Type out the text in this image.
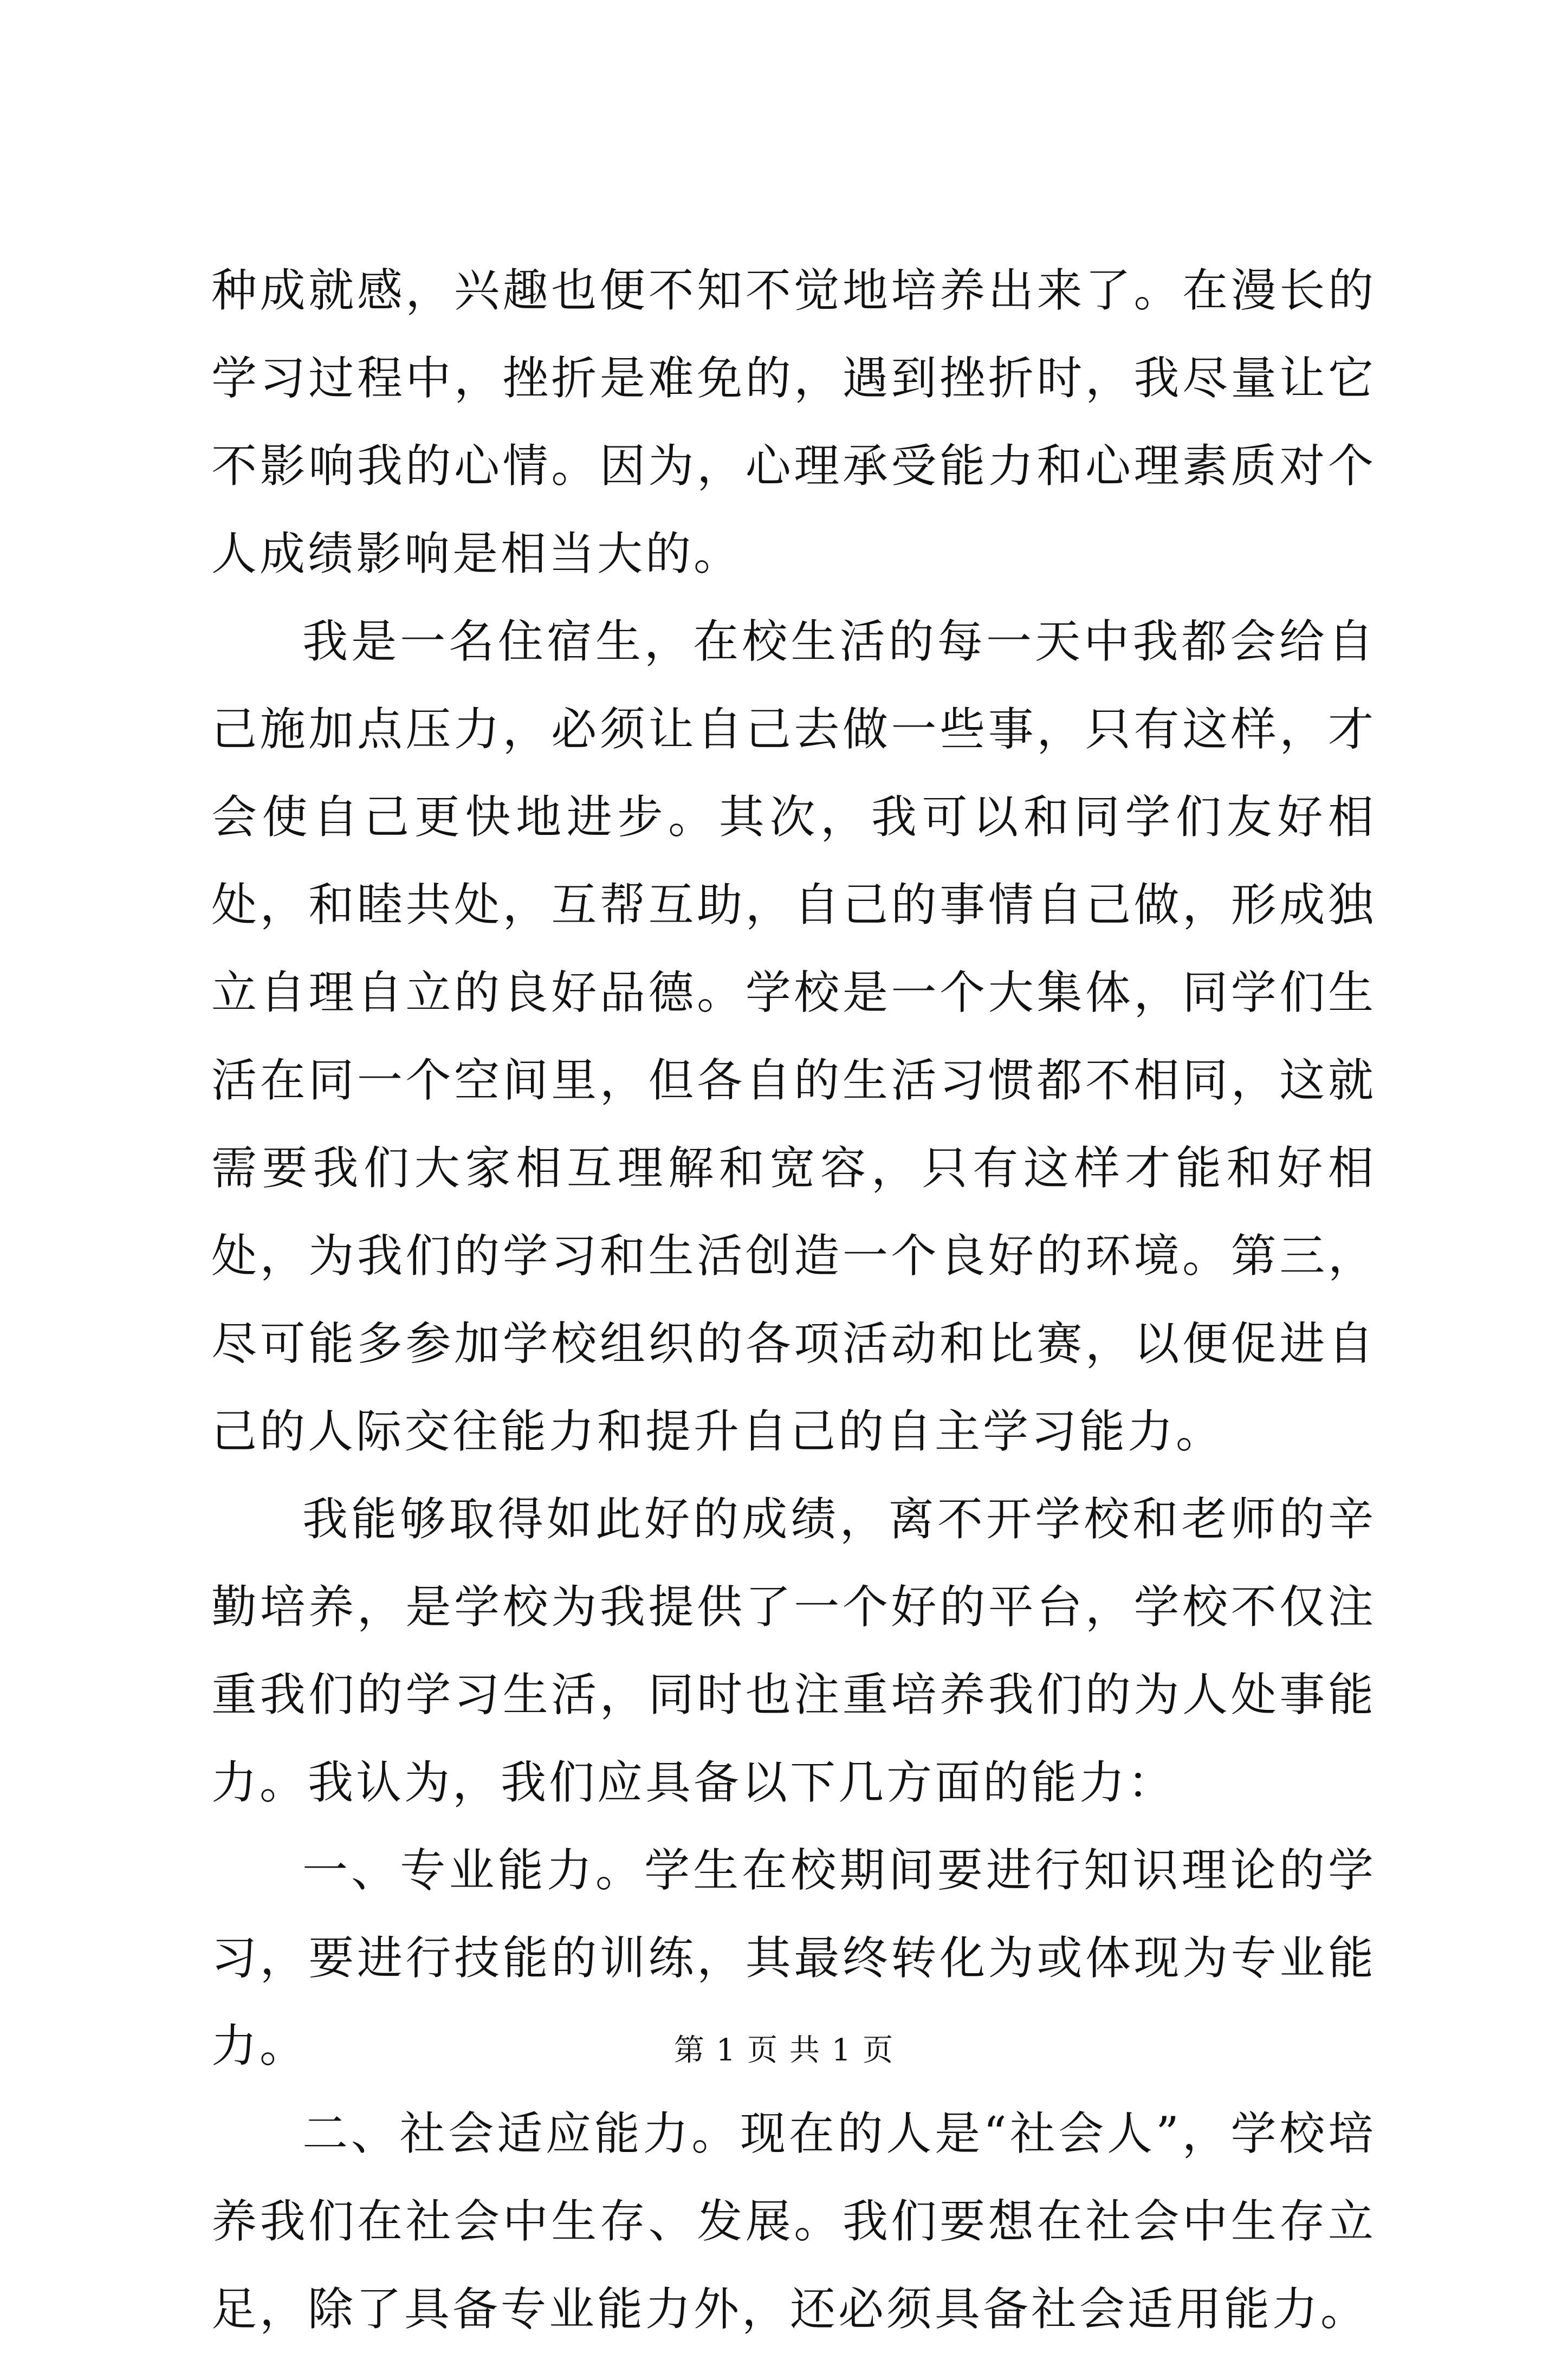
种成就感，兴趣也便不知不觉地培养出来了。在漫长的学习过程中，挫折是难免的，遇到挫折时，我尽量让它不影响我的心情。因为，心理承受能力和心理素质对个人成绩影响是相当大的。

我是一名住宿生，在校生活的每一天中我都会给自己施加点压力，必须让自己去做一些事，只有这样，才会使自己更快地进步。其次，我可以和同学们友好相处，和睦共处，互帮互助，自己的事情自己做，形成独立自理自立的良好品德。学校是一个大集体，同学们生活在同一个空间里，但各自的生活习惯都不相同，这就需要我们大家相互理解和宽容，只有这样才能和好相处，为我们的学习和生活创造一个良好的环境。第三，尽可能多参加学校组织的各项活动和比赛，以便促进自己的人际交往能力和提升自己的自主学习能力。

我能够取得如此好的成绩，离不开学校和老师的辛勤培养，是学校为我提供了一个好的平台，学校不仅注重我们的学习生活，同时也注重培养我们的为人处事能力。我认为，我们应具备以下几方面的能力：

一、专业能力。学生在校期间要进行知识理论的学习，要进行技能的训练，其最终转化为或体现为专业能力。

二、社会适应能力。现在的人是“社会人”，学校培养我们在社会中生存、发展。我们要想在社会中生存立足，除了具备专业能力外，还必须具备社会适用能力。

第 1 页 共 1 页
